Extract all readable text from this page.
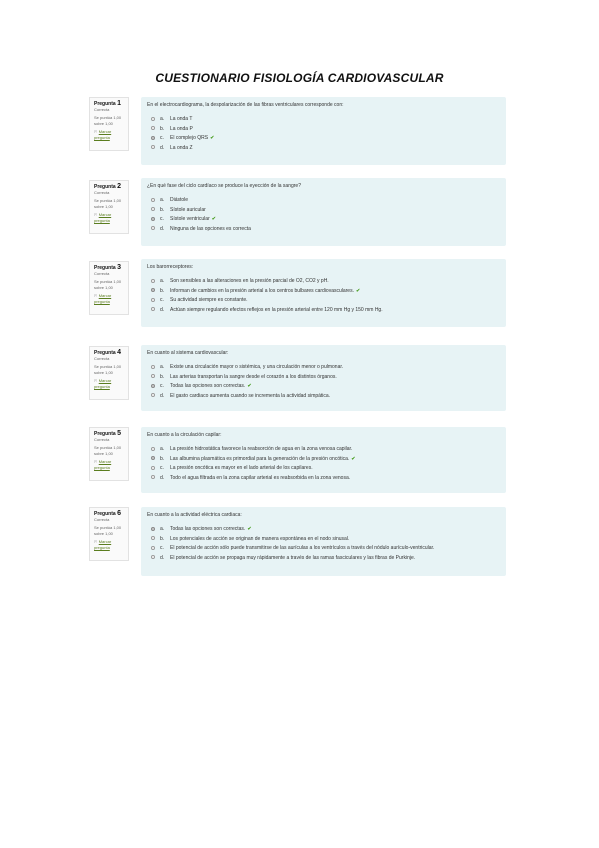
CUESTIONARIO FISIOLOGÍA CARDIOVASCULAR
Pregunta 1
Correcta
Se puntúa 1,00
sobre 1,00
⚐ Marcar pregunta
En el electrocardiograma, la despolarización de las fibras ventriculares corresponde con:
a. La onda T
b. La onda P
c. El complejo QRS ✔
d. La onda Z
Pregunta 2
Correcta
Se puntúa 1,00
sobre 1,00
⚐ Marcar pregunta
¿En qué fase del ciclo cardíaco se produce la eyección de la sangre?
a. Diástole
b. Sístole auricular
c. Sístole ventricular ✔
d. Ninguna de las opciones es correcta
Pregunta 3
Correcta
Se puntúa 1,00
sobre 1,00
⚐ Marcar pregunta
Los barorreceptores:
a. Son sensibles a las alteraciones en la presión parcial de O2, CO2 y pH.
b. Informan de cambios en la presión arterial a los centros bulbares cardiovasculares. ✔
c. Su actividad siempre es constante.
d. Actúan siempre regulando efectos reflejos en la presión arterial entre 120 mm Hg y 150 mm Hg.
Pregunta 4
Correcta
Se puntúa 1,00
sobre 1,00
⚐ Marcar pregunta
En cuanto al sistema cardiovascular:
a. Existe una circulación mayor o sistémica, y una circulación menor o pulmonar.
b. Las arterias transportan la sangre desde el corazón a los distintos órganos.
c. Todas las opciones son correctas. ✔
d. El gasto cardiaco aumenta cuando se incrementa la actividad simpática.
Pregunta 5
Correcta
Se puntúa 1,00
sobre 1,00
⚐ Marcar pregunta
En cuanto a la circulación capilar:
a. La presión hidrostática favorece la reabsorción de agua en la zona venosa capilar.
b. Las albumina plasmática es primordial para la generación de la presión oncótica. ✔
c. La presión oncótica es mayor en el lado arterial de los capilares.
d. Todo el agua filtrada en la zona capilar arterial es reabsorbida en la zona venosa.
Pregunta 6
Correcta
Se puntúa 1,00
sobre 1,00
⚐ Marcar pregunta
En cuanto a la actividad eléctrica cardiaca:
a. Todas las opciones son correctas. ✔
b. Los potenciales de acción se originan de manera espontánea en el nodo sinusal.
c. El potencial de acción sólo puede transmitirse de las aurículas a los ventrículos a través del nódulo aurículo-ventricular.
d. El potencial de acción se propaga muy rápidamente a través de las ramas fasciculares y las fibras de Purkinje.
